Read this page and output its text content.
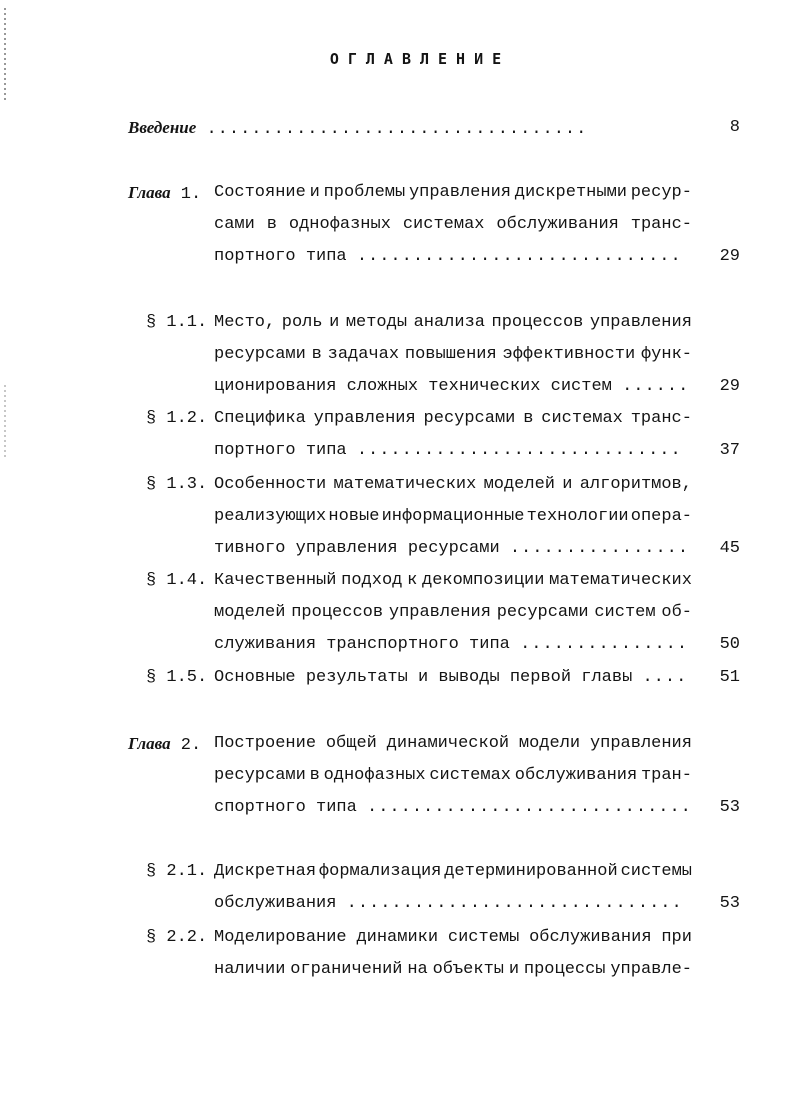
ОГЛАВЛЕНИЕ
Введение ..................................	8
Глава 1. Состояние и проблемы управления дискретными ресур-
сами в однофазных системах обслуживания транс-
портного типа .............................	29
§ 1.1. Место, роль и методы анализа процессов управления
ресурсами в задачах повышения эффективности функ-
ционирования сложных технических систем ......	29
§ 1.2. Специфика управления ресурсами в системах транс-
портного типа .............................	37
§ 1.3. Особенности математических моделей и алгоритмов,
реализующих новые информационные технологии опера-
тивного управления ресурсами ................	45
§ 1.4. Качественный подход к декомпозиции математических
моделей процессов управления ресурсами систем об-
служивания транспортного типа ...............	50
§ 1.5. Основные результаты и выводы первой главы ....	51
Глава 2. Построение общей динамической модели управления
ресурсами в однофазных системах обслуживания тран-
спортного типа .............................	53
§ 2.1. Дискретная формализация детерминированной системы
обслуживания ..............................	53
§ 2.2. Моделирование динамики системы обслуживания при
наличии ограничений на объекты и процессы управле-
